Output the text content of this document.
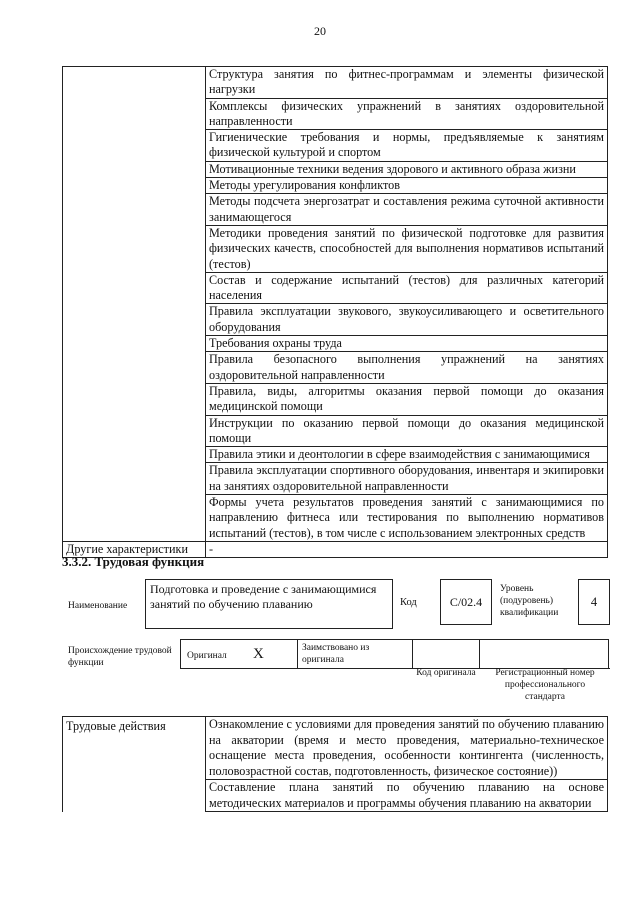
20
	Структура занятия по фитнес-программам и элементы физической нагрузки
	Комплексы физических упражнений в занятиях оздоровительной направленности
	Гигиенические требования и нормы, предъявляемые к занятиям физической культурой и спортом
	Мотивационные техники ведения здорового и активного образа жизни
	Методы урегулирования конфликтов
	Методы подсчета энергозатрат и составления режима суточной активности занимающегося
	Методики проведения занятий по физической подготовке для развития физических качеств, способностей для выполнения нормативов испытаний (тестов)
	Состав и содержание испытаний (тестов) для различных категорий населения
	Правила эксплуатации звукового, звукоусиливающего и осветительного оборудования
	Требования охраны труда
	Правила безопасного выполнения упражнений на занятиях оздоровительной направленности
	Правила, виды, алгоритмы оказания первой помощи до оказания медицинской помощи
	Инструкции по оказанию первой помощи до оказания медицинской помощи
	Правила этики и деонтологии в сфере взаимодействия с занимающимися
	Правила эксплуатации спортивного оборудования, инвентаря и экипировки на занятиях оздоровительной направленности
	Формы учета результатов проведения занятий с занимающимися по направлению фитнеса или тестирования по выполнению нормативов испытаний (тестов), в том числе с использованием электронных средств
Другие характеристики	-
3.3.2. Трудовая функция
Наименование
Подготовка и проведение с занимающимися занятий по обучению плаванию	Код	C/02.4
Уровень (подуровень) квалификации
4
Происхождение трудовой функции
Оригинал X	Заимствовано из оригинала
Код оригинала	Регистрационный номер профессионального стандарта
Трудовые действия	Ознакомление с условиями для проведения занятий по обучению плаванию на акватории (время и место проведения, материально-техническое оснащение места проведения, особенности контингента (численность, половозрастной состав, подготовленность, физическое состояние))
	Составление плана занятий по обучению плаванию на основе методических материалов и программы обучения плаванию на акватории
